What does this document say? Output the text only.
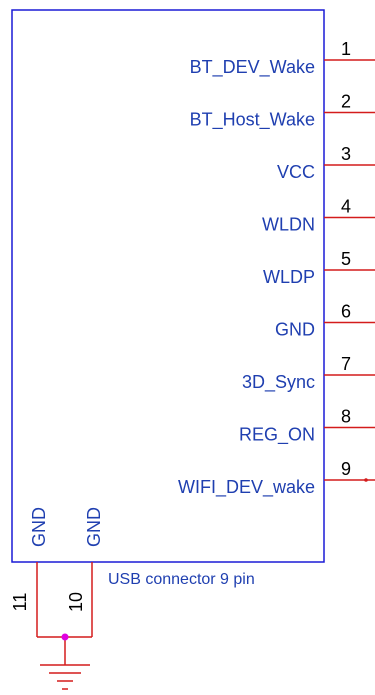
1
BT_DEV_Wake
2
BT_Host_Wake
3
VCC
4
WLDN
5
WLDP
6
GND
7
3D_Sync
8
REG_ON
9
WIFI_DEV_wake
11
GND
10
GND
USB connector 9 pin
